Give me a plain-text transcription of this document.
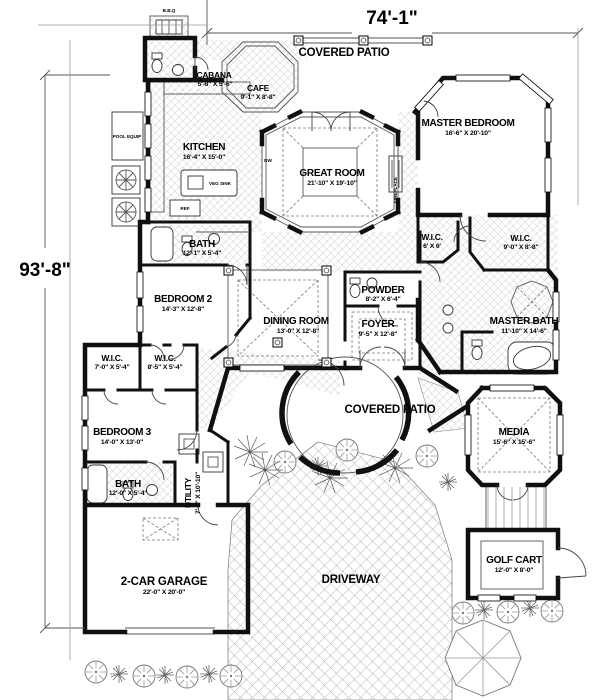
74'-1"
93'-8"
B.B.Q
POOL EQUIP
REF
VEG SINK
DW
FIREPLACE
CABANA
5'-8" X 5'-6" CAFE
9'-1" X 8'-8"
COVERED PATIO
KITCHEN
16'-4" X 15'-0"
GREAT ROOM
21'-10" X 19'-10"
MASTER BEDROOM
16'-6" X 20'-10"
BATH
12'-1" X 5'-4"
W.I.C.
6' X 6'
W.I.C.
9'-0" X 8'-8"
BEDROOM 2
14'-3" X 12'-8"
DINING ROOM
13'-0" X 12'-8"
POWDER
8'-2" X 6'-4"
FOYER
9'-5" X 12'-8"
MASTER BATH
11'-10" X 14'-6"
W.I.C.
7'-0" X 5'-4"
W.I.C.
8'-5" X 5'-4"
BEDROOM 3
14'-0" X 13'-0"
UTILITY 7'-8" X 10'-10"
BATH
12'-0" X 5'-4"
COVERED PATIO
MEDIA
15'-6" X 15'-6"
2-CAR GARAGE
22'-0" X 20'-0"
GOLF CART
12'-0" X 8'-0"
DRIVEWAY
